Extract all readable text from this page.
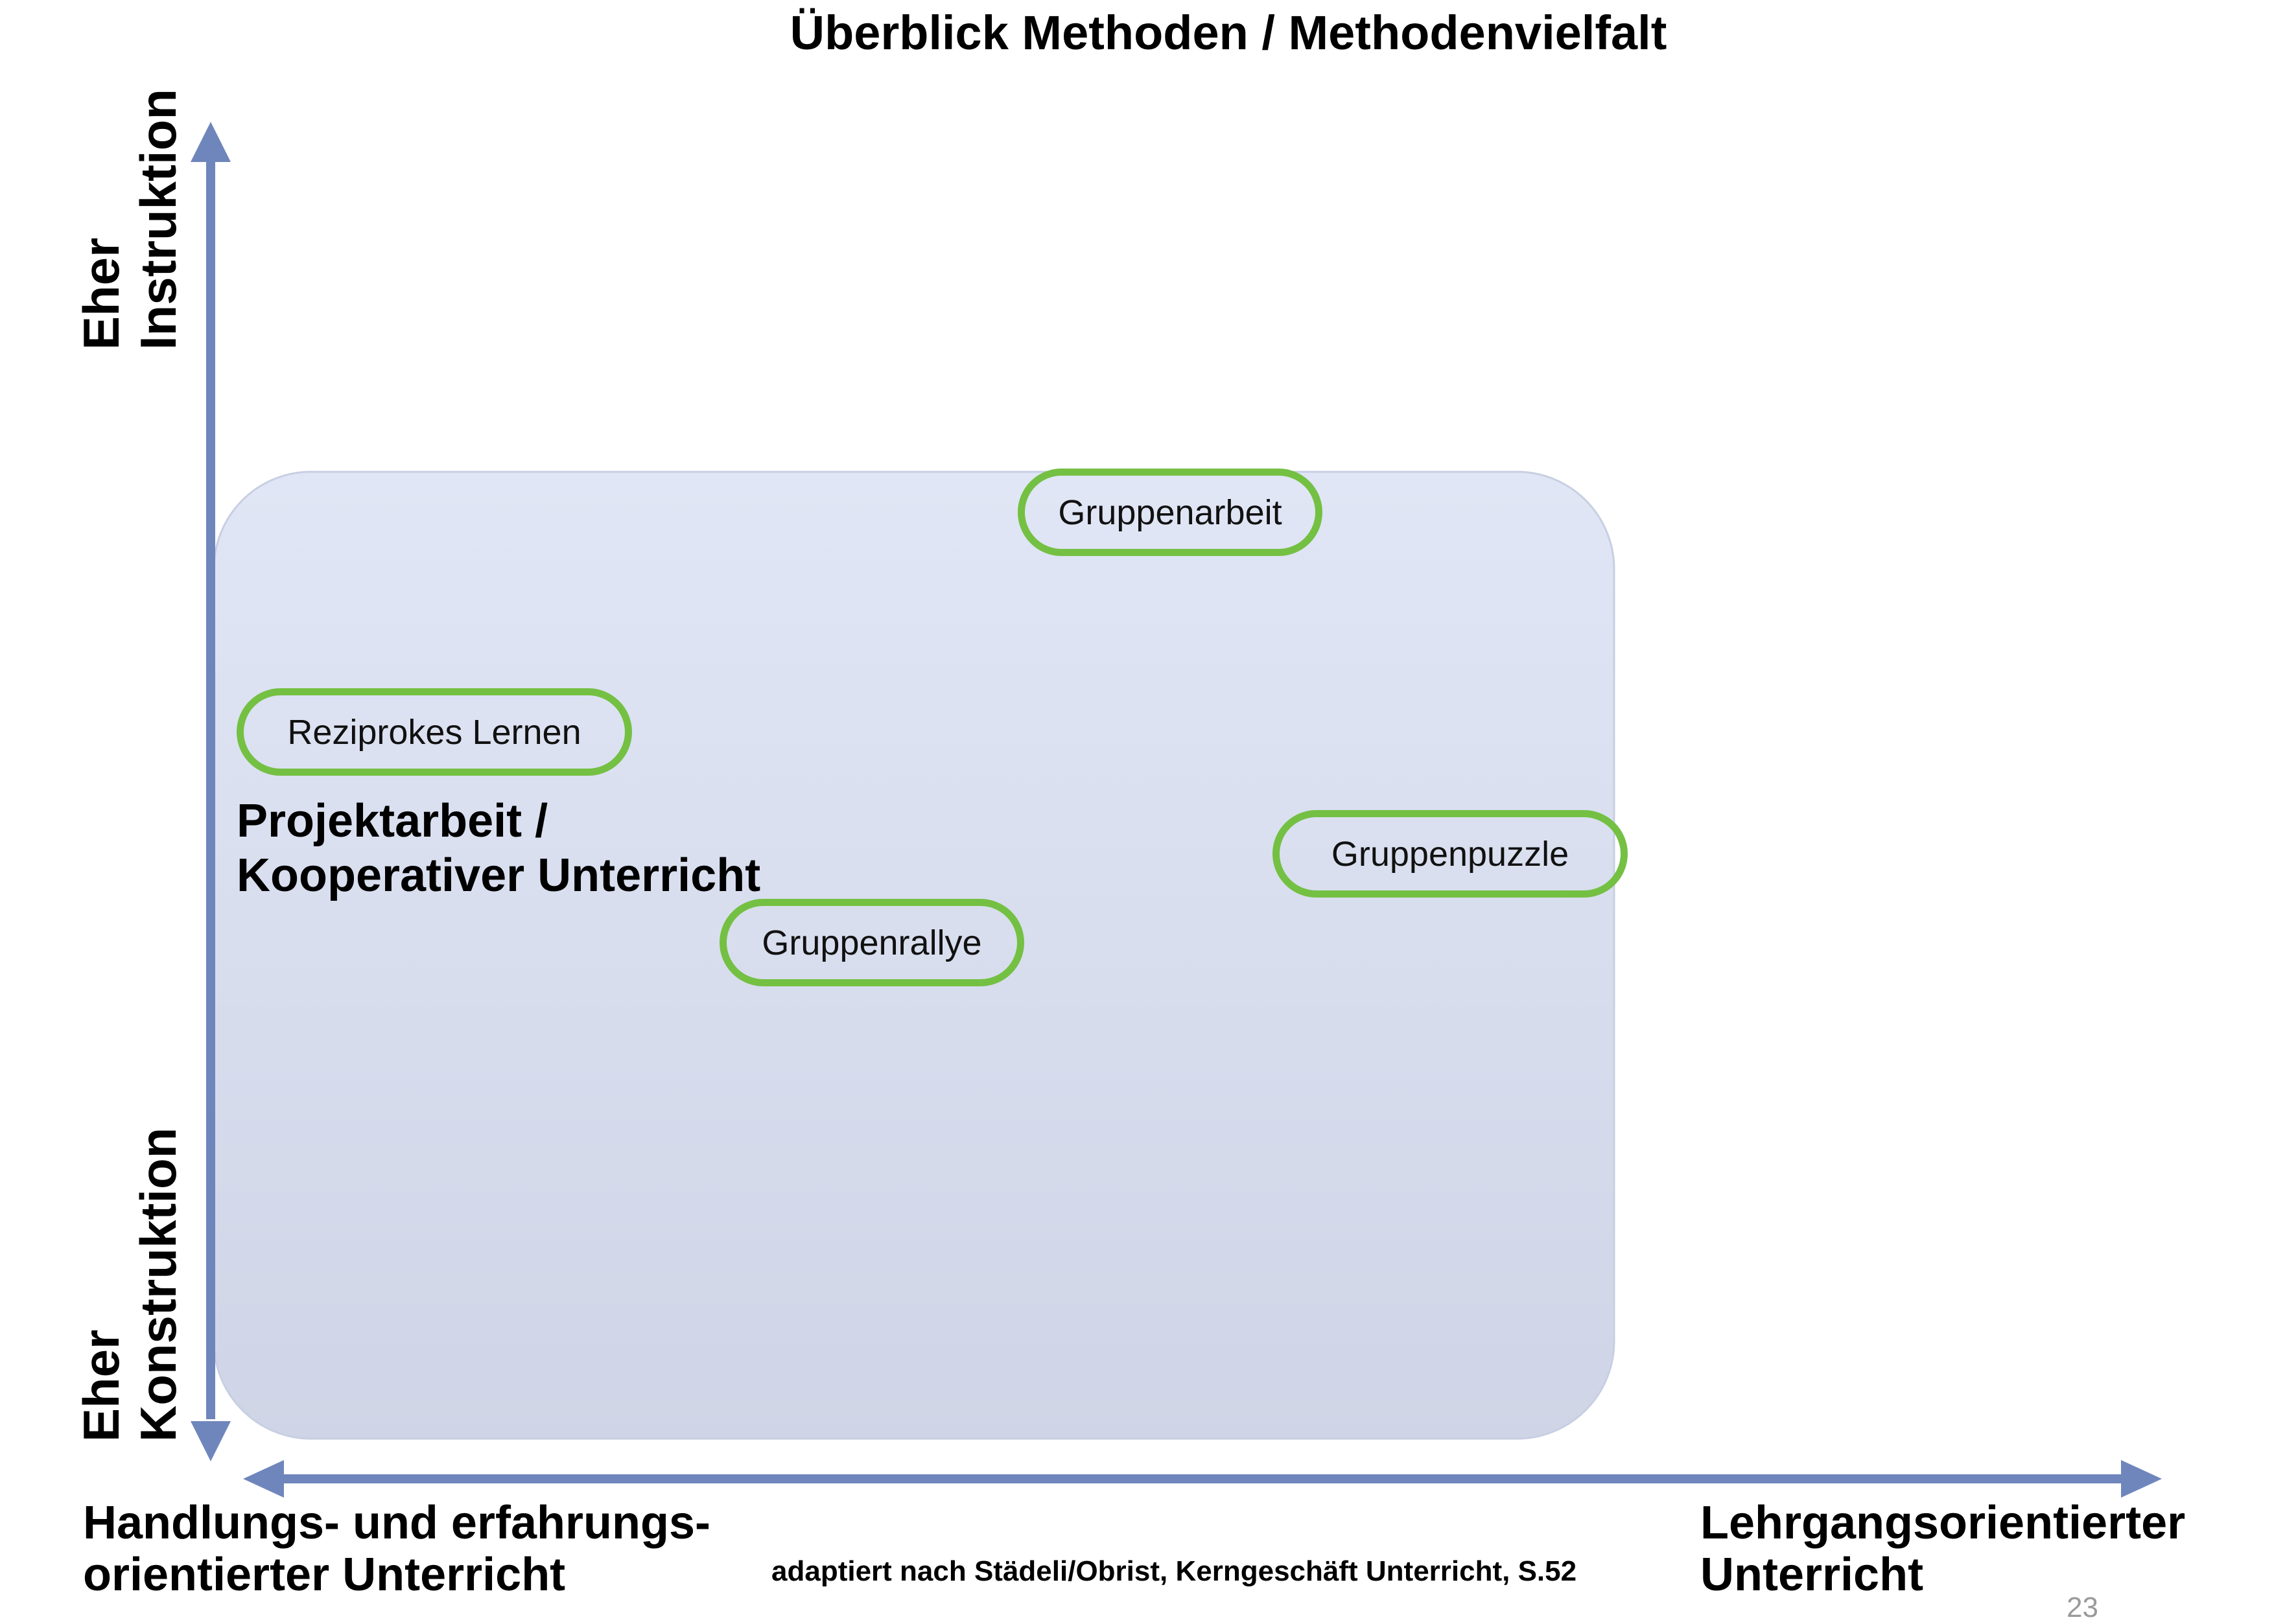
Überblick Methoden / Methodenvielfalt
Eher Instruktion
Eher Konstruktion
Gruppenarbeit
Reziprokes Lernen
Gruppenpuzzle
Gruppenrallye
Projektarbeit /
Kooperativer Unterricht
Handlungs- und erfahrungs-
orientierter Unterricht
Lehrgangsorientierter
Unterricht
adaptiert nach Städeli/Obrist, Kerngeschäft Unterricht, S.52
23
